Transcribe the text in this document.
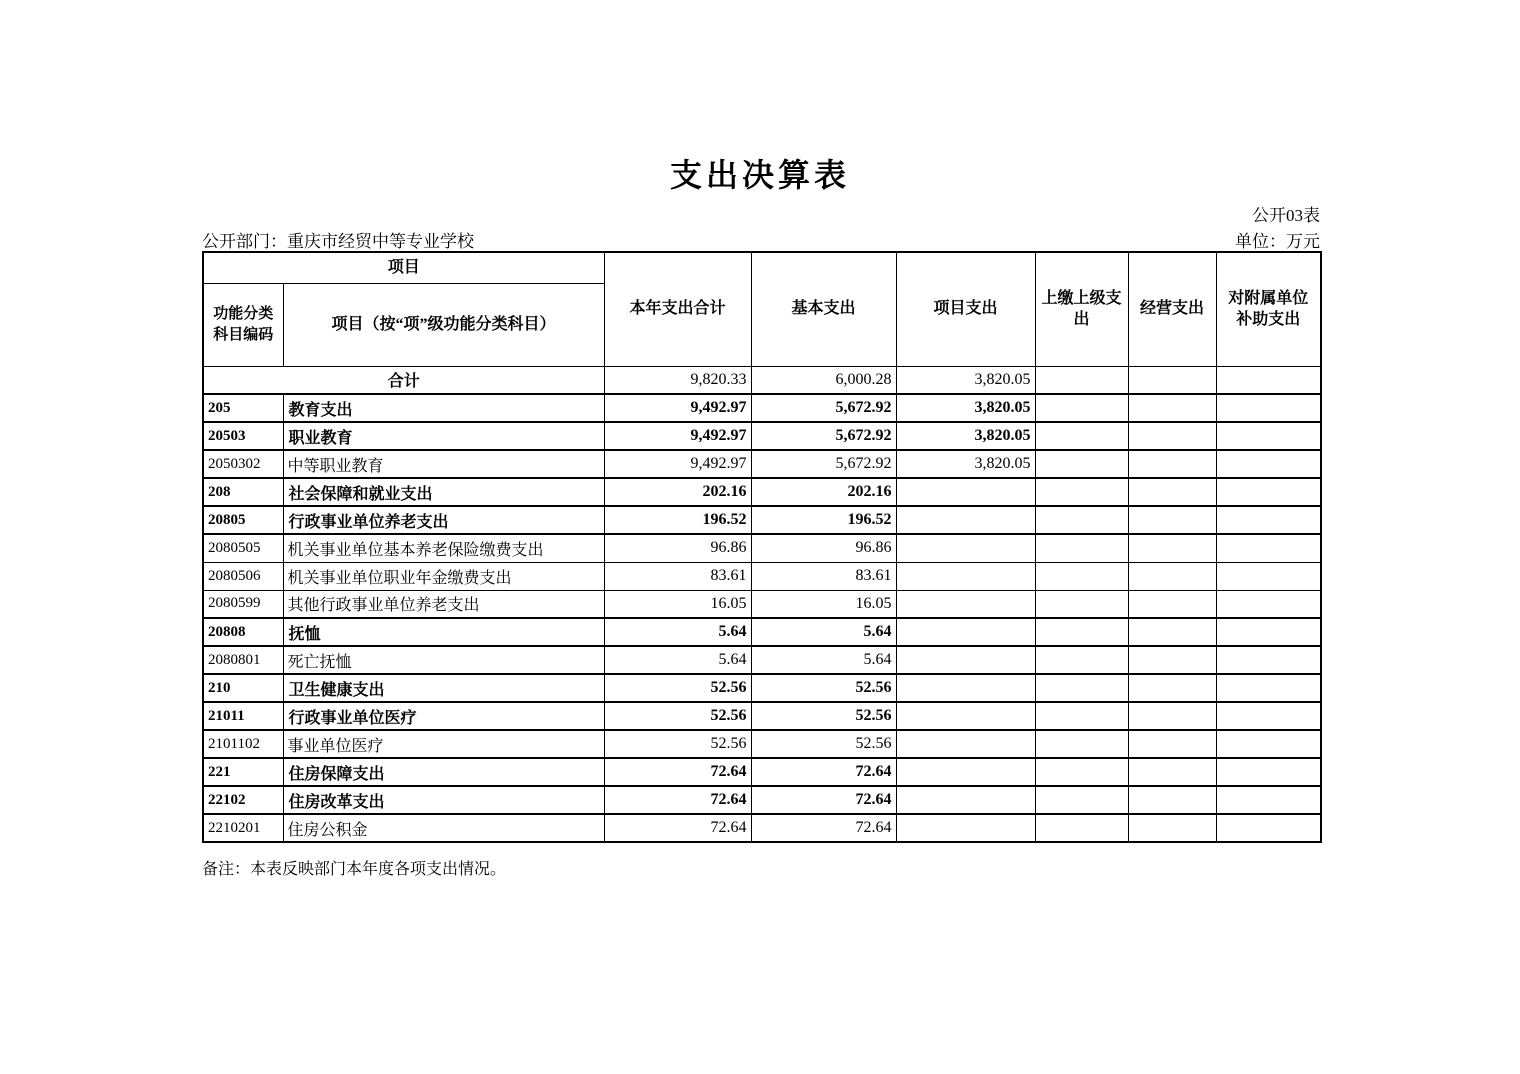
支出决算表
公开03表
公开部门：重庆市经贸中等专业学校	单位：万元
项目		本年支出合计	基本支出	项目支出	上缴上级支出	经营支出	对附属单位补助支出
功能分类科目编码	项目（按“项”级功能分类科目）						
合计		9,820.33	6,000.28	3,820.05			
205	教育支出	9,492.97	5,672.92	3,820.05			
20503	职业教育	9,492.97	5,672.92	3,820.05			
2050302	中等职业教育	9,492.97	5,672.92	3,820.05			
208	社会保障和就业支出	202.16	202.16				
20805	行政事业单位养老支出	196.52	196.52				
2080505	机关事业单位基本养老保险缴费支出	96.86	96.86				
2080506	机关事业单位职业年金缴费支出	83.61	83.61				
2080599	其他行政事业单位养老支出	16.05	16.05				
20808	抚恤	5.64	5.64				
2080801	死亡抚恤	5.64	5.64				
210	卫生健康支出	52.56	52.56				
21011	行政事业单位医疗	52.56	52.56				
2101102	事业单位医疗	52.56	52.56				
221	住房保障支出	72.64	72.64				
22102	住房改革支出	72.64	72.64				
2210201	住房公积金	72.64	72.64				
备注：本表反映部门本年度各项支出情况。
